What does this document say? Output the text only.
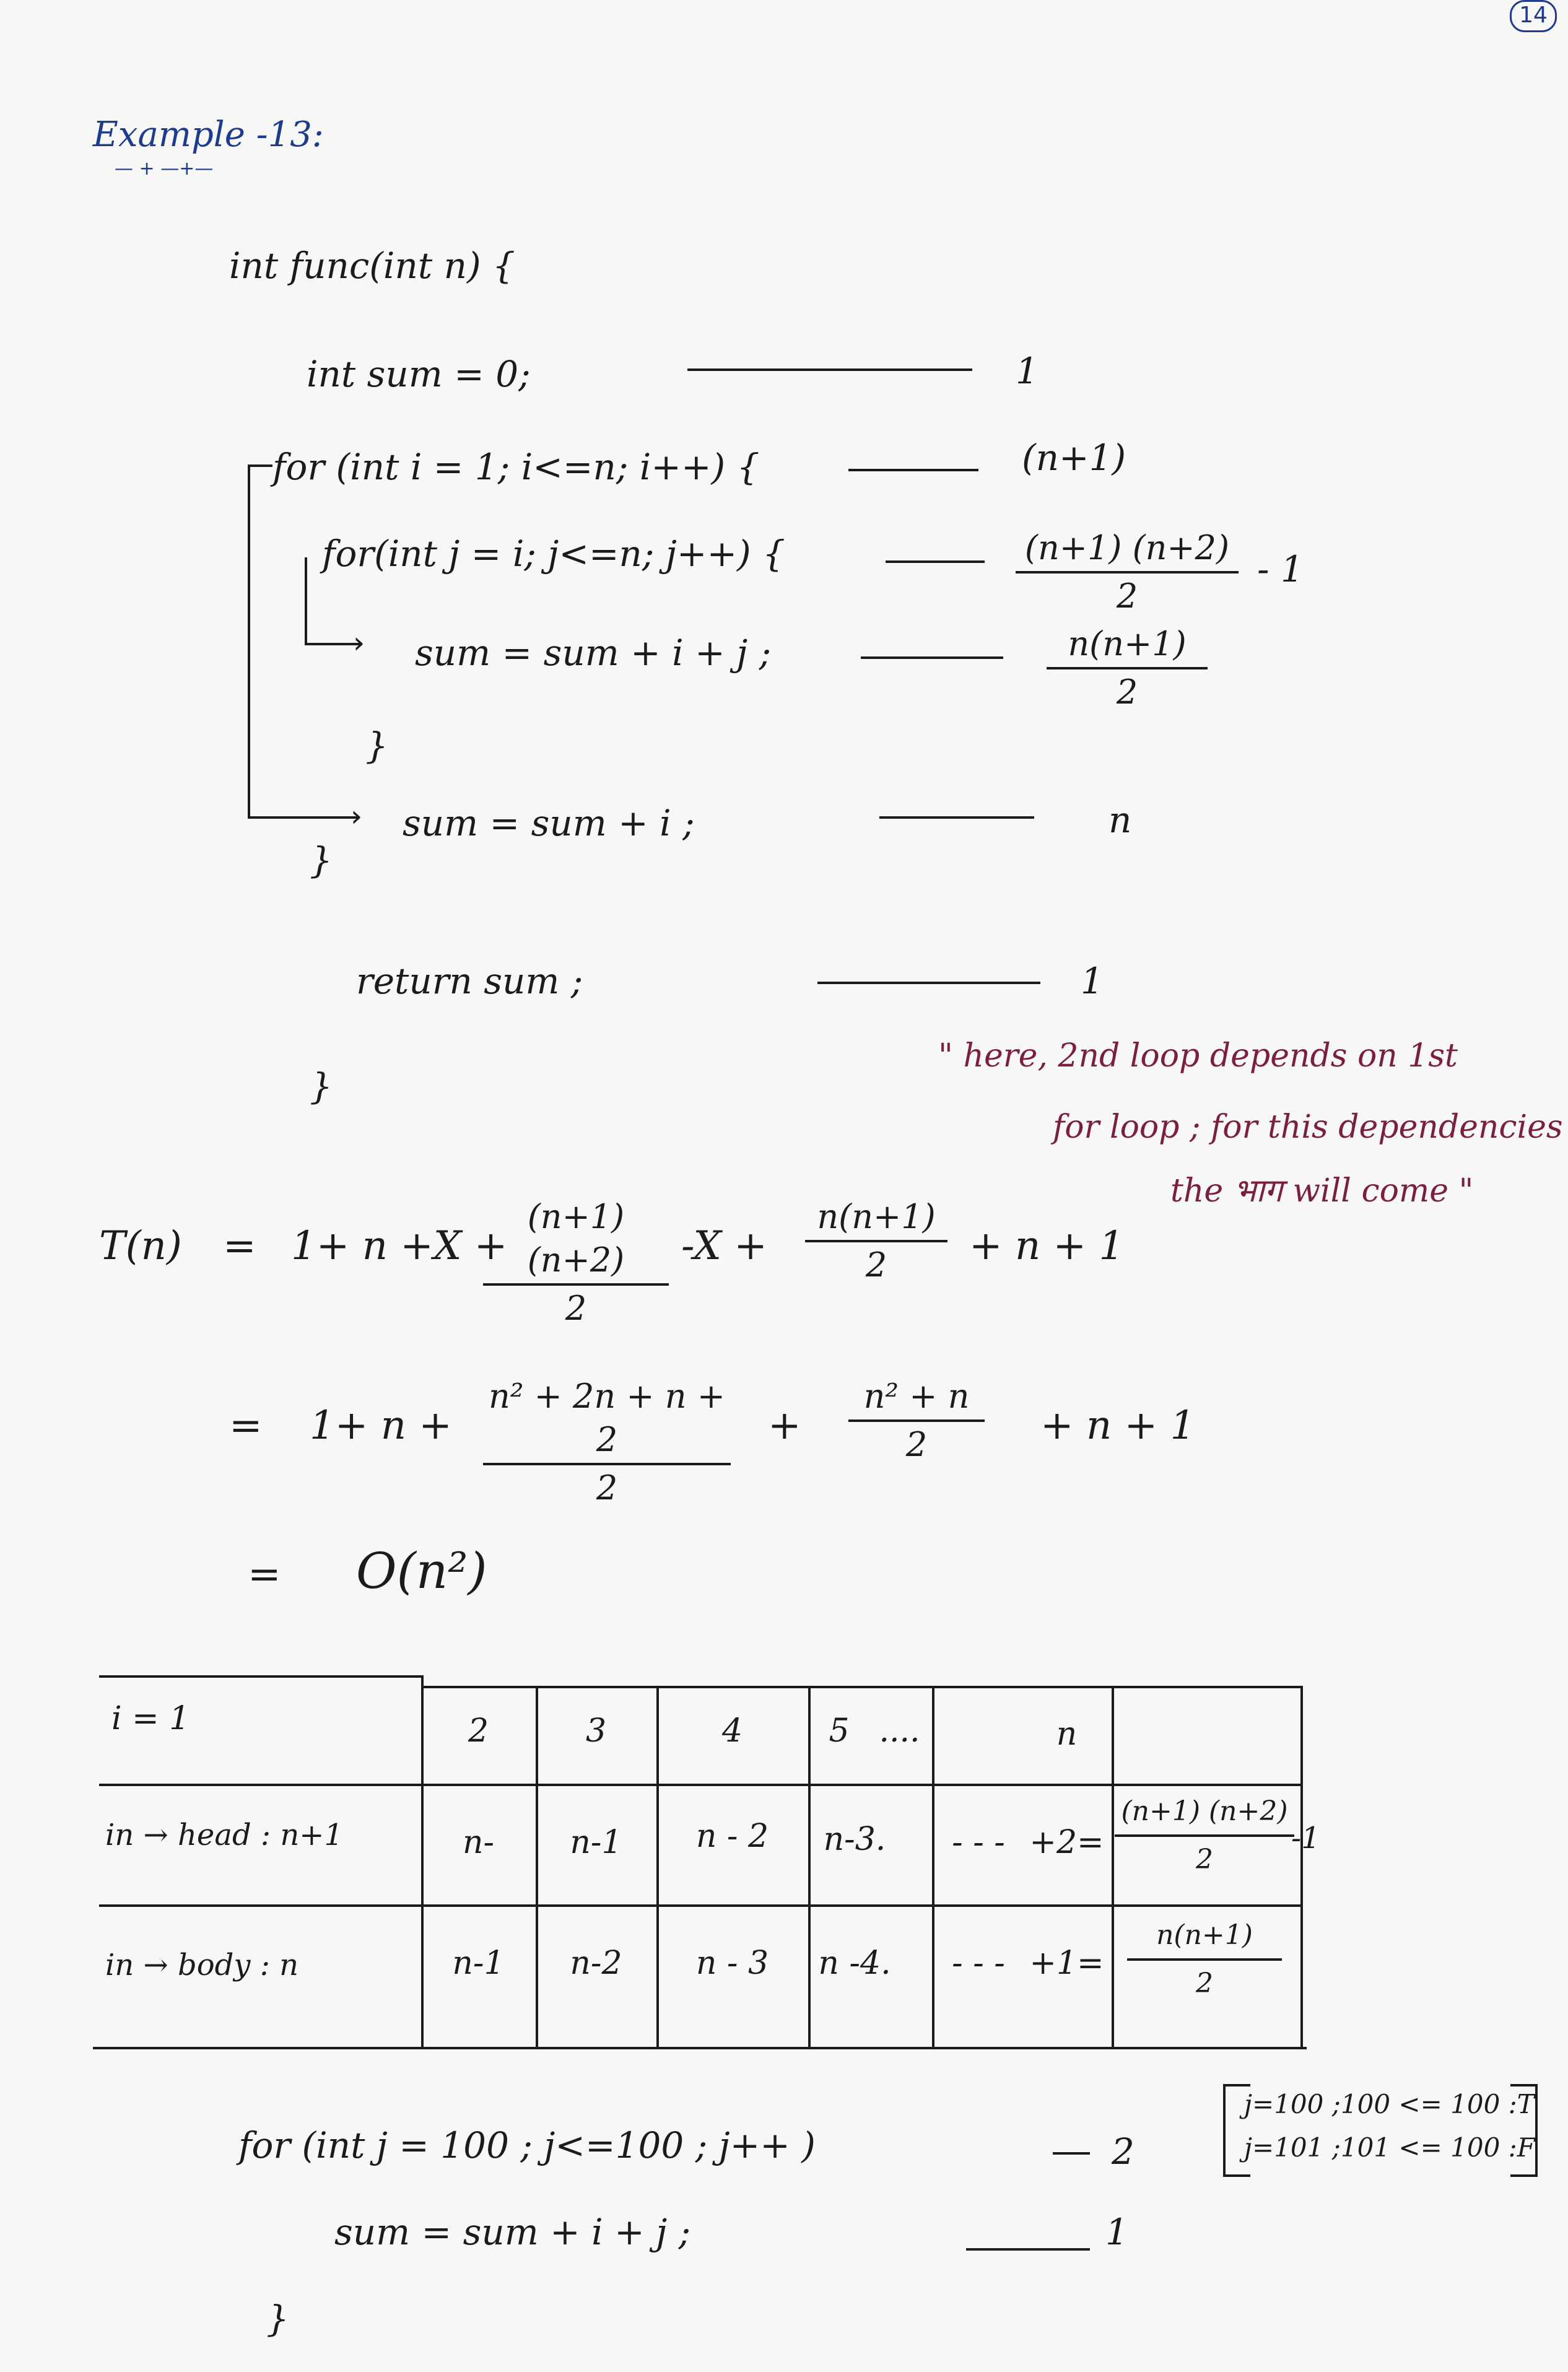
14
Example -13:
— + —+—
int func(int n) {
int sum = 0;	1
for (int i = 1; i<=n; i++) {	(n+1)
for(int j = i; j<=n; j++) {	(n+1) (n+2)
2
- 1
› sum = sum + i + j ;	n(n+1)
2
}
› sum = sum + i ;	n
}
return sum ;	1
}
" here, 2nd loop depends on 1st
for loop ; for this dependencies
the भाग will come "
T(n) = 1+ n +X +
(n+1) (n+2)
2
-X +
n(n+1)
2	+ n + 1
= 1+ n +
n² + 2n + n + 2
2
+
n² + n
2	+ n + 1
= O(n²)
i = 1	2	3	4	5 ....	n
in → head : n+1	n-	n-1	n - 2	n-3.	- - - +2=
(n+1) (n+2)
2
-1
in → body : n	n-1	n-2	n - 3	n -4.	- - - +1=
n(n+1)
2
for (int j = 100 ; j<=100 ; j++ )	2
j=100 ;100 <= 100 :T
j=101 ;101 <= 100 :F
sum = sum + i + j ;	1
}
